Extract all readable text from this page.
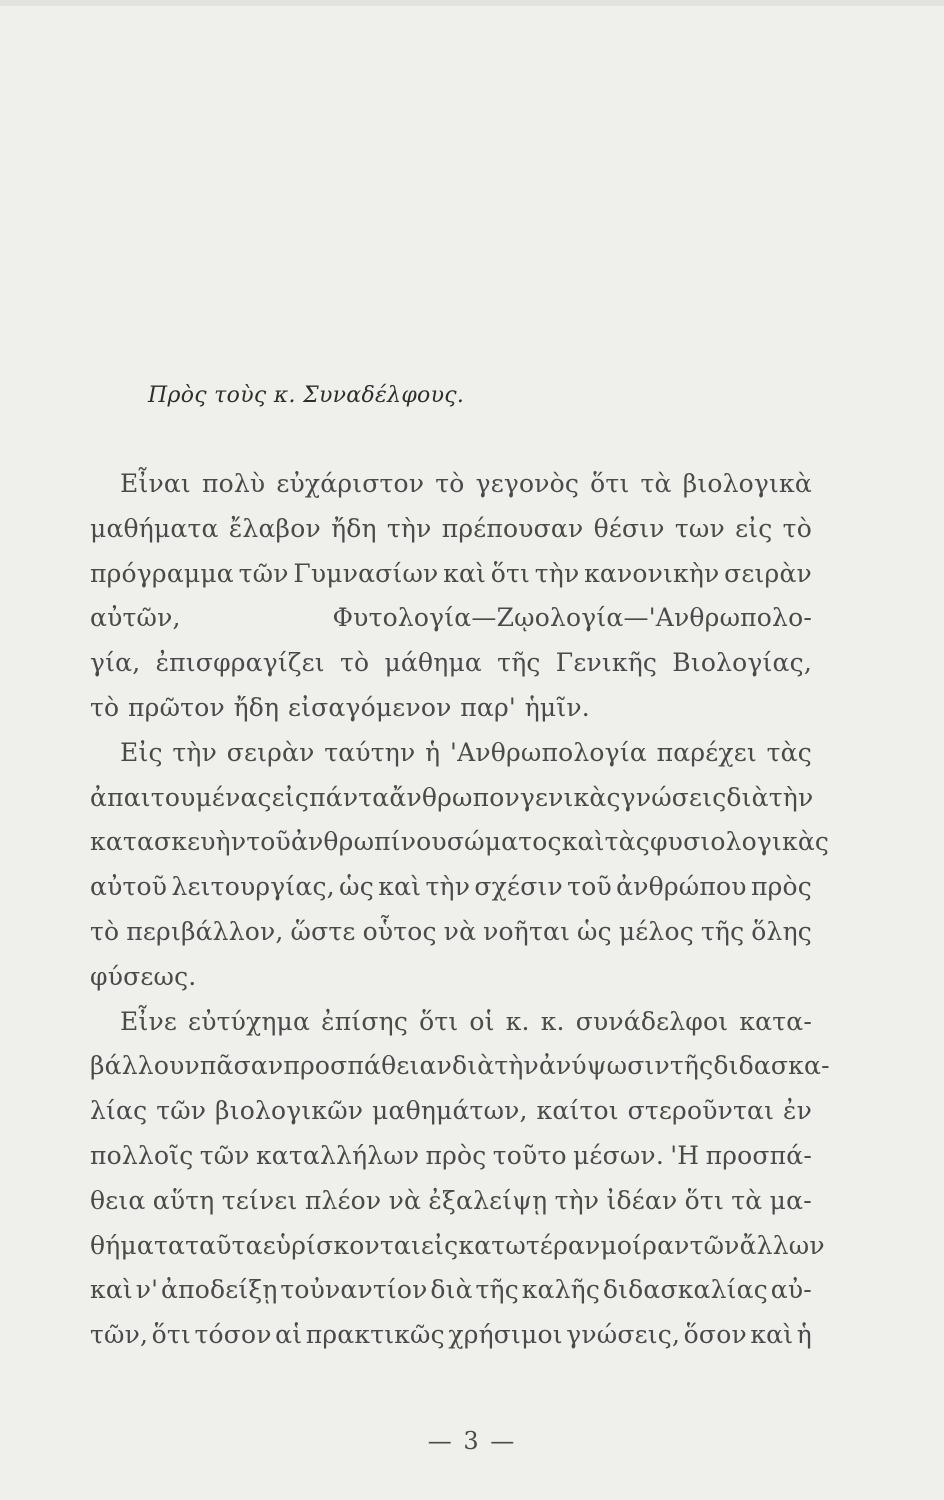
Πρὸς τοὺς κ. Συναδέλφους.
Εἶναι πολὺ εὐχάριστον τὸ γεγονὸς ὅτι τὰ βιολογικὰ
μαθήματα ἔλαβον ἤδη τὴν πρέπουσαν θέσιν των εἰς τὸ
πρόγραμμα τῶν Γυμνασίων καὶ ὅτι τὴν κανονικὴν σειρὰν
αὐτῶν,	Φυτολογία—Ζῳολογία—'Ανθρωπολο-
γία, ἐπισφραγίζει τὸ μάθημα τῆς Γενικῆς Βιολογίας,
τὸ πρῶτον ἤδη εἰσαγόμενον παρ' ἡμῖν.
Εἰς τὴν σειρὰν ταύτην ἡ 'Ανθρωπολογία παρέχει τὰς
ἀπαιτουμένας εἰς πάντα ἄνθρωπον γενικὰς γνώσεις διὰ τὴν
κατασκευὴν τοῦ ἀνθρωπίνου σώματος καὶ τὰς φυσιολογικὰς
αὐτοῦ λειτουργίας, ὡς καὶ τὴν σχέσιν τοῦ ἀνθρώπου πρὸς
τὸ περιβάλλον, ὥστε οὗτος νὰ νοῆται ὡς μέλος τῆς ὅλης
φύσεως.
Εἶνε εὐτύχημα ἐπίσης ὅτι οἱ κ. κ. συνάδελφοι κατα-
βάλλουν πᾶσαν προσπάθειαν διὰ τὴν ἀνύψωσιν τῆς διδασκα-
λίας τῶν βιολογικῶν μαθημάτων, καίτοι στεροῦνται ἐν
πολλοῖς τῶν καταλλήλων πρὸς τοῦτο μέσων. 'Η προσπά-
θεια αὕτη τείνει πλέον νὰ ἐξαλείψῃ τὴν ἰδέαν ὅτι τὰ μα-
θήματα ταῦτα εὑρίσκονται εἰς κατωτέραν μοίραν τῶν ἄλλων
καὶ ν' ἀποδείξῃ τοὐναντίον διὰ τῆς καλῆς διδασκαλίας αὐ-
τῶν, ὅτι τόσον αἱ πρακτικῶς χρήσιμοι γνώσεις, ὅσον καὶ ἡ
— 3 —
